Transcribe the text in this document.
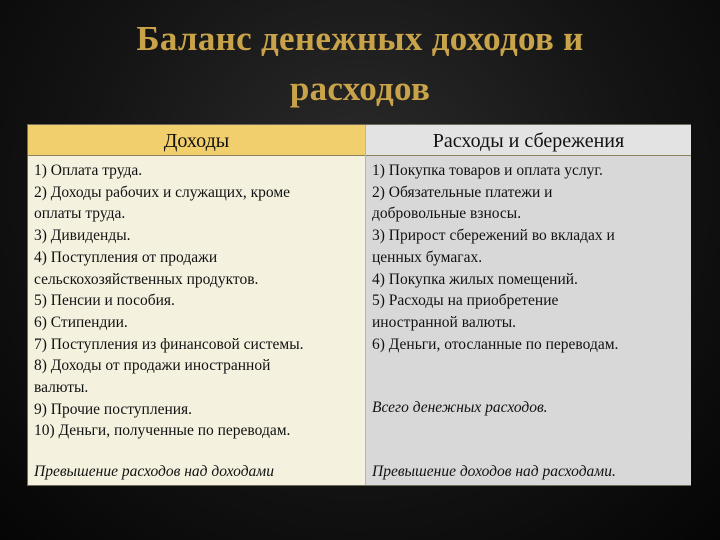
Баланс денежных доходов и
расходов
Доходы
1) Оплата труда.
2) Доходы рабочих и служащих, кроме
оплаты труда.
3) Дивиденды.
4) Поступления от продажи
сельскохозяйственных продуктов.
5) Пенсии и пособия.
6) Стипендии.
7) Поступления из финансовой системы.
8) Доходы от продажи иностранной
валюты.
9) Прочие поступления.
10) Деньги, полученные по переводам.
Превышение расходов над доходами
Расходы и сбережения
1) Покупка товаров и оплата услуг.
2) Обязательные платежи и
добровольные взносы.
3) Прирост сбережений во вкладах и
ценных бумагах.
4) Покупка жилых помещений.
5) Расходы на приобретение
иностранной валюты.
6) Деньги, отосланные по переводам.
Всего денежных расходов.
Превышение доходов над расходами.
